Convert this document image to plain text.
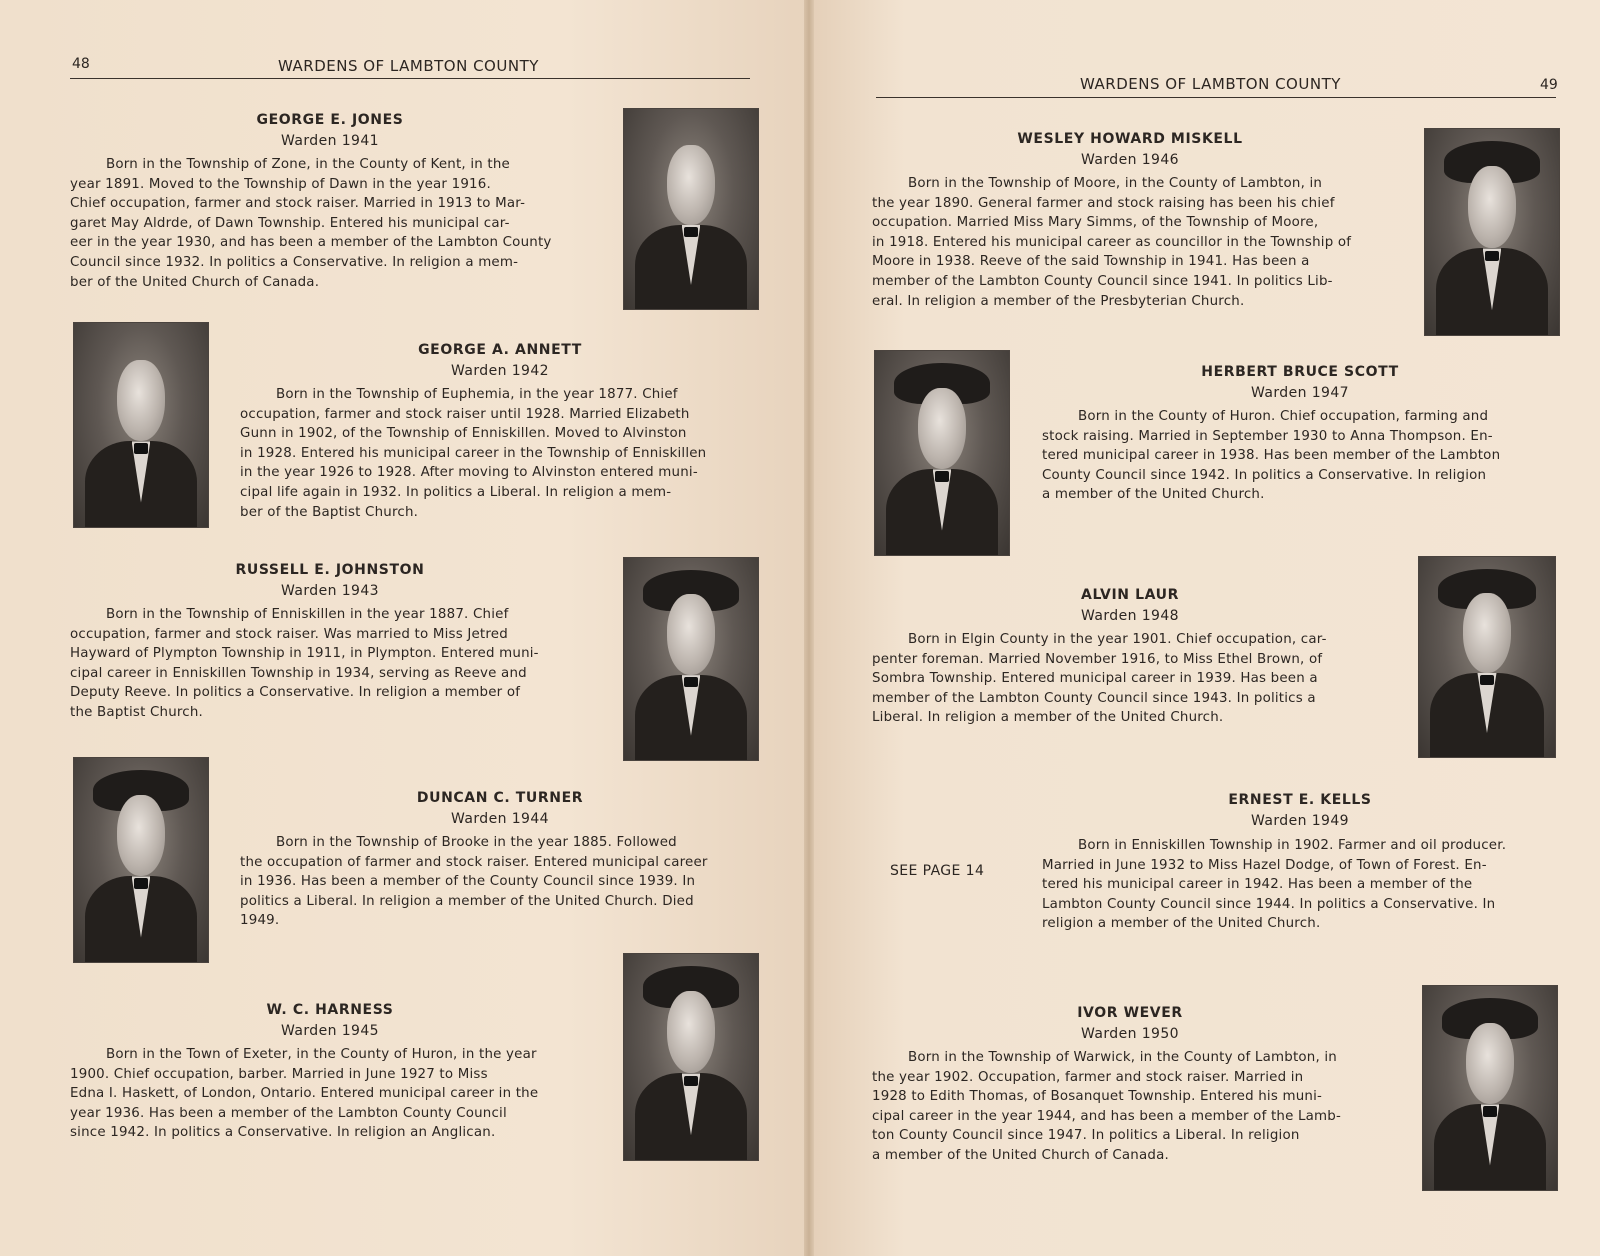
48	WARDENS OF LAMBTON COUNTY
GEORGE E. JONES
Warden 1941
Born in the Township of Zone, in the County of Kent, in the
year 1891. Moved to the Township of Dawn in the year 1916.
Chief occupation, farmer and stock raiser. Married in 1913 to Mar-
garet May Aldrde, of Dawn Township. Entered his municipal car-
eer in the year 1930, and has been a member of the Lambton County
Council since 1932. In politics a Conservative. In religion a mem-
ber of the United Church of Canada.
GEORGE A. ANNETT
Warden 1942
Born in the Township of Euphemia, in the year 1877. Chief
occupation, farmer and stock raiser until 1928. Married Elizabeth
Gunn in 1902, of the Township of Enniskillen. Moved to Alvinston
in 1928. Entered his municipal career in the Township of Enniskillen
in the year 1926 to 1928. After moving to Alvinston entered muni-
cipal life again in 1932. In politics a Liberal. In religion a mem-
ber of the Baptist Church.
RUSSELL E. JOHNSTON
Warden 1943
Born in the Township of Enniskillen in the year 1887. Chief
occupation, farmer and stock raiser. Was married to Miss Jetred
Hayward of Plympton Township in 1911, in Plympton. Entered muni-
cipal career in Enniskillen Township in 1934, serving as Reeve and
Deputy Reeve. In politics a Conservative. In religion a member of
the Baptist Church.
DUNCAN C. TURNER
Warden 1944
Born in the Township of Brooke in the year 1885. Followed
the occupation of farmer and stock raiser. Entered municipal career
in 1936. Has been a member of the County Council since 1939. In
politics a Liberal. In religion a member of the United Church. Died
1949.
W. C. HARNESS
Warden 1945
Born in the Town of Exeter, in the County of Huron, in the year
1900. Chief occupation, barber. Married in June 1927 to Miss
Edna I. Haskett, of London, Ontario. Entered municipal career in the
year 1936. Has been a member of the Lambton County Council
since 1942. In politics a Conservative. In religion an Anglican.
WARDENS OF LAMBTON COUNTY	49
WESLEY HOWARD MISKELL
Warden 1946
Born in the Township of Moore, in the County of Lambton, in
the year 1890. General farmer and stock raising has been his chief
occupation. Married Miss Mary Simms, of the Township of Moore,
in 1918. Entered his municipal career as councillor in the Township of
Moore in 1938. Reeve of the said Township in 1941. Has been a
member of the Lambton County Council since 1941. In politics Lib-
eral. In religion a member of the Presbyterian Church.
HERBERT BRUCE SCOTT
Warden 1947
Born in the County of Huron. Chief occupation, farming and
stock raising. Married in September 1930 to Anna Thompson. En-
tered municipal career in 1938. Has been member of the Lambton
County Council since 1942. In politics a Conservative. In religion
a member of the United Church.
ALVIN LAUR
Warden 1948
Born in Elgin County in the year 1901. Chief occupation, car-
penter foreman. Married November 1916, to Miss Ethel Brown, of
Sombra Township. Entered municipal career in 1939. Has been a
member of the Lambton County Council since 1943. In politics a
Liberal. In religion a member of the United Church.
ERNEST E. KELLS
Warden 1949
SEE PAGE 14
Born in Enniskillen Township in 1902. Farmer and oil producer.
Married in June 1932 to Miss Hazel Dodge, of Town of Forest. En-
tered his municipal career in 1942. Has been a member of the
Lambton County Council since 1944. In politics a Conservative. In
religion a member of the United Church.
IVOR WEVER
Warden 1950
Born in the Township of Warwick, in the County of Lambton, in
the year 1902. Occupation, farmer and stock raiser. Married in
1928 to Edith Thomas, of Bosanquet Township. Entered his muni-
cipal career in the year 1944, and has been a member of the Lamb-
ton County Council since 1947. In politics a Liberal. In religion
a member of the United Church of Canada.
